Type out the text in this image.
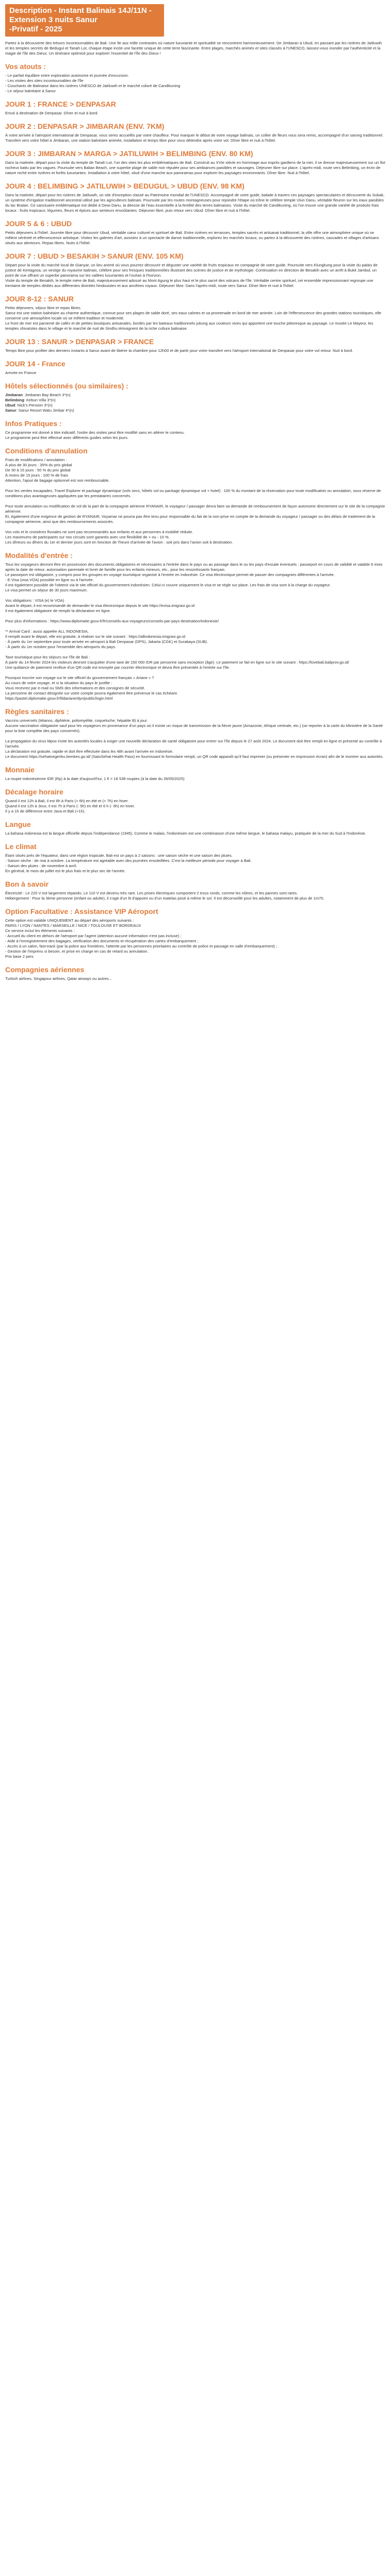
Description - Instant Balinais 14J/11N - Extension 3 nuits Sanur
-Privatif - 2025

Partez à la découverte des trésors incontournables de Bali. Une île aux mille contrastes où nature luxuriante et spiritualité se rencontrent harmonieusement. De Jimbaran à Ubud, en passant par les rizières de Jatiluwih et les temples secrets de Bedugul et Tanah Lot, chaque étape incite une facette unique de cette terre fascinante. Entre plages, marchés animés et sites classés à l'UNESCO, laissez-vous inonder par l'authenticité et la magie de l'île des Dieux. Un itinéraire optimisé pour explorer l'essentiel de l'île des Dieux !

Vos atouts :
- Le parfait équilibre entre exploration autonome et journée d'excursion.
- Les visites des sites incontournables de l'île
- Couchants de Balinaise dans les rizières UNESCO de Jatiluwih et le marché coloré de Candikuning
- Le séjour balnéaire à Sanur
JOUR 1 : FRANCE > DENPASAR

Envol à destination de Denpasar. Dîner et nuit à bord.

JOUR 2 : DENPASAR > JIMBARAN (ENV. 7KM)

À votre arrivée à l'aéroport international de Denpasar, vous serez accueillis par votre chauffeur. Pour marquer le début de votre voyage balinais, un collier de fleurs vous sera remis, accompagné d'un sarong traditionnel.
Transfert vers votre hôtel à Jimbaran, une station balnéaire animée, installation et temps libre pour vous détendre après votre vol. Dîner libre et nuit à l'hôtel.

JOUR 3 : JIMBARAN > MARGA > JATILUWIH > BELIMBING (ENV. 80 KM)

Dans la matinée, départ pour la visite du temple de Tanah Lot, l'un des sites les plus emblématiques de Bali. Construit au XVIe siècle en hommage aux esprits gardiens de la mer, il se dresse majestueusement sur un îlot rocheux battu par les vagues. Poursuite vers Balian Beach, une superbe plage de sable noir réputée pour ses ambiances paisibles et sauvages. Déjeuner libre sur place. L'après-midi, route vers Belimbing, un écrin de nature niché entre rizières et forêts luxuriantes. Installation à votre hôtel, situé d'une manche aux panoramas pour explorer les paysages environnants. Dîner libre. Nuit à l'hôtel.

JOUR 4 : BELIMBING > JATILUWIH > BEDUGUL > UBUD (ENV. 98 KM)

Dans la matinée, départ pour les rizières de Jatiluwih, un site d'exception classé au Patrimoine mondial de l'UNESCO. Accompagné de votre guide, balade à travers ces paysages spectaculaires et découverte du Subak, un système d'irrigation traditionnel ancestral utilisé par les agriculteurs balinais. Poursuite par les routes montagneuses pour rejoindre l'étape où trône le célèbre temple Ulun Danu, véritable fleuron sur les eaux paisibles du lac Bratan. Ce sanctuaire emblématique est dédié à Dewi Danu, la déesse de l'eau essentielle à la fertilité des terres balinaises. Visite du marché de Candikuning, où l'on trouve une grande variété de produits frais locaux : fruits tropicaux, légumes, fleurs et épices aux senteurs envoûtantes. Déjeuner libre, puis retour vers Ubud. Dîner libre et nuit à l'hôtel.

JOUR 5 & 6 : UBUD

Petits déjeuners à l'hôtel. Journée libre pour découvrir Ubud, véritable cœur culturel et spirituel de Bali. Entre rizières en terrasses, temples sacrés et artisanat traditionnel, la ville offre une atmosphère unique où se mêlent sérénité et effervescence artistique. Visitez les galeries d'art, assistez à un spectacle de danse traditionnelle, explorez les marchés locaux, ou partez à la découverte des rizières, cascades et villages d'artisans situés aux alentours. Repas libres. Nuits à l'hôtel.

JOUR 7 : UBUD > BESAKIH > SANUR (ENV. 105 KM)

Départ pour la visite du marché local de Gianyar, un lieu animé où vous pourrez découvrir et déguster une variété de fruits tropicaux en compagnie de votre guide. Poursuite vers Klungkung pour la visite du palais de justice de Kertagosa, un vestige du royaume balinais, célèbre pour ses fresques traditionnelles illustrant des scènes de justice et de mythologie. Continuation en direction de Besakih avec un arrêt à Bukit Jambul, un point de vue offrant un superbe panorama sur les vallées luxuriantes et l'océan à l'horizon.
Visite du temple de Besakih, le temple mère de Bali, majestueusement adossé au Mont Agung le plus haut et le plus sacré des volcans de l'île. Véritable centre spirituel, cet ensemble impressionnant regroupe une trentaine de temples dédiés aux différentes divinités hindouistes et aux ancêtres royaux. Déjeuner libre. Dans l'après-midi, route vers Sanur. Dîner libre et nuit à l'hôtel.

JOUR 8-12 : SANUR

Petits déjeuners, séjour libre et repas libres.
Sanur est une station balnéaire au charme authentique, connue pour ses plages de sable doré, ses eaux calmes et sa promenade en bord de mer animée. Loin de l'effervescence des grandes stations touristiques, elle conserve une atmosphère locale où se mêlent tradition et modernité.
Le front de mer est parsemé de cafés et de petites boutiques artisanales, bordés par les bateaux traditionnels jukung aux couleurs vives qui apportent une touche pittoresque au paysage. Le musée Le Mayeur, les temples shivaïstes dans le village et le marché de nuit de Sindhu témoignent de la riche culture balinaise.

JOUR 13 : SANUR > DENPASAR > FRANCE

Temps libre pour profiter des derniers instants à Sanur avant de libérer la chambre pour 12h00 et de partir pour votre transfert vers l'aéroport international de Denpasar pour votre vol retour. Nuit à bord.

JOUR 14 - France

Arrivée en France

Hôtels sélectionnés (ou similaires) :
Jimbaran: Jimbaran Bay Beach 3*(n)
Belimbing: Kebun Villa 3*(n)
Ubud: Nick's Pension 3*(n)
Sanur: Sanur Resort Watu Jimbar 4*(n)
Infos Pratiques :

Ce programme est donné à titre indicatif, l'ordre des visites peut être modifié sans en altérer le contenu.
Le programme peut être effectué avec différents guides selon les jours.

Conditions d'annulation

Frais de modifications / annulation :
À plus de 30 jours : 35% du prix global
De 30 à 15 jours : 50 % du prix global
À moins de 15 jours : 100 % de frais
Attention, l'ajout de bagage optionnel est non remboursable.

Pour les ventes escapades, Travel Explorer et package dynamique (vols secs, hôtels vol ou package dynamique vol + hotel) : 100 % du montant de la réservation pour toute modification ou annulation, sous réserve de conditions plus avantageuses appliquées par les prestataires concernés.

Pour toute annulation ou modification de vol de la part de la compagnie aérienne RYANAIR, le voyageur / passager devra faire sa demande de remboursement de façon autonome directement sur le site de la compagnie aérienne.
Et, également d'une exigence de gestion de RYANAIR, Voyamar ne pourra pas être tenu pour responsable du fait de la non-prise en compte de la demande du voyageur / passager ou des délais de traitement de la compagnie aérienne, ainsi que des remboursements associés.

Vos vols et le croisières fluviales ne sont pas recommandés aux enfants et aux personnes à mobilité réduite.
Les maximums de participants sur nos circuits sont garantis avec une flexibilité de + ou - 10 %.
Les dîneurs ou dîners du 1er et dernier jours sont en fonction de l'heure d'arrivée de l'avion : soit pris dans l'avion soit à destination.

Modalités d'entrée :

Tous les voyageurs devront être en possession des documents obligatoires et nécessaires à l'entrée dans le pays ou au passage dans le ou les pays d'escale éventuels : passeport en cours de validité et valable 6 mois après la date de retour, autorisation parentale et livret de famille pour les enfants mineurs, etc., pour les ressortissants français.
Le passeport est obligatoire, y compris pour les groupes en voyage touristique organisé à l'entrée en Indonésie. Ce visa électronique permet de passer des compagnies différentes à l'arrivée.
- E-Visa (visa VOA) possible en ligne ou à l'arrivée.
Il est également possible de l'obtenir via le site officiel du gouvernement indonésien. Celui-ci couvre uniquement le visa et se règle sur place. Les frais de visa sont à la charge du voyageur.
Le visa permet un séjour de 30 jours maximum.

Vos obligations : VISA (e) le VOA)
Avant le départ, il est recommandé de demander le visa électronique depuis le site https://evisa.imigrasi.go.id
Il est également obligatoire de remplir la déclaration en ligne.

Pour plus d'informations : https://www.diplomatie.gouv.fr/fr/conseils-aux-voyageurs/conseils-par-pays-destination/indonesie/

** Arrival Card : aussi appelée ALL INDONESIA,
Il remplit avant le départ, elle est gratuite, à réaliser sur le site suivant : https://allindonesia.imigrasi.go.id
- À partir du 1er septembre pour toute arrivée en aéroport à Bali Denpasar (DPS), Jakarta (CGK) et Surabaya (SUB).
- À partir du 1er octobre pour l'ensemble des aéroports du pays.

Taxe touristique pour les séjours sur l'île de Bali :
À partir du 14 février 2024 les visiteurs devront s'acquitter d'une taxe de 150 000 IDR par personne sans exception (âge). Le paiement se fait en ligne sur le site suivant : https://lovebali.baliprov.go.id/
Une quittance de paiement revêtue d'un QR code est envoyée par courrier électronique et devra être présentée à l'entrée sur l'île.

Pourquoi inscrire son voyage sur le site officiel du gouvernement français « Ariane » ?
Au cours de votre voyage, et si la situation du pays le justifie :
Vous recevrez par e-mail ou SMS des informations et des consignes de sécurité.
La personne de contact désignée sur votre compte pourra également être prévenue le cas échéant.
https://pastel.diplomatie.gouv.fr/fildariane/dyn/public/login.html

Règles sanitaires :

Vaccins universels (tétanos, diphtérie, poliomyélite, coqueluche, hépatite B) à jour.
Aucune vaccination obligatoire sauf pour les voyageurs en provenance d'un pays où il existe un risque de transmission de la fièvre jaune (Amazonie, Afrique centrale, etc.) (se reporter à la carte du Ministère de la Santé pour la liste complète des pays concernés).

La propagation du virus Mpox invite les autorités locales à exiger une nouvelle déclaration de santé obligatoire pour entrer sur l'île depuis le 27 août 2024. Le document doit être rempli en ligne et présenté au contrôle à l'arrivée.
La déclaration est gratuite, rapide et doit être effectuée dans les 48h avant l'arrivée en Indonésie.
Le document https://sehatnegeriku.kemkes.go.id/ (SatuSehat Health Pass) en fournissant le formulaire rempli, un QR code apparaît qu'il faut imprimer (ou présenter en impression écran) afin de le montrer aux autorités.

Monnaie

La roupie indonésienne IDR (Rp) à la date d'aujourd'hui, 1 € = 18 538 roupies (à la date du 26/05/2025)

Décalage horaire

Quand il est 12h à Bali, il est 6h à Paris (+ 6h) en été et (+ 7h) en hiver.
Quand il est 12h à Jeux, il est 7h à Paris (- 5h) en été et 6 h (- 6h) en hiver.
Il y a 1h de différence entre Java et Bali (+1h).

Langue

La bahasa indonesia est la langue officielle depuis l'indépendance (1945). Comme le malais, l'indonésien est une combinaison d'une même langue, le bahasa malayu, pratiquée de la mer du Sud à l'Indonésie.

Le climat

Étant situés près de l'équateur, dans une région tropicale, Bali est un pays à 2 saisons : une saison sèche et une saison des pluies.
- Saison sèche : de mai à octobre. La température est agréable avec des journées ensoleillées. C'est la meilleure période pour voyager à Bali.
- Saison des pluies : de novembre à avril.
En général, le mois de juillet est le plus frais et le plus sec de l'année.

Bon à savoir

Électricité : Le 220 V est largement répandu. Le 110 V est devenu très rare. Les prises électriques comportent 2 trous ronds, comme les nôtres, et les pannes sont rares.
Hébergement : Pour la 3ème personne (enfant ou adulte), il s'agit d'un lit d'appoint ou d'un matelas posé à même le sol. Il est déconseillé pour les adultes, notamment de plus de 1m70.

Option Facultative : Assistance VIP Aéroport

Cette option est valable UNIQUEMENT au départ des aéroports suivants :
PARIS / LYON / NANTES / MARSEILLE / NICE / TOULOUSE ET BORDEAUX
Ce service inclut les éléments suivants :
- Accueil du client en dehors de l'aéroport par l'agent (attention aucune information n'est pas incluse) ;
- Aide à l'enregistrement des bagages, vérification des documents et récupération des cartes d'embarquement ;
- Accès à un salon, fast-track (par la police aux frontières, l'attente par les personnes prioritaires au contrôle de police et passage en salle d'embarquement) ;
- Gestion de l'imprévu si besoin, et prise en charge en cas de retard ou annulation.
Prix base 2 pers

Compagnies aériennes

Turkish airlines, Singapour airlines, Qatar airways ou autres...
